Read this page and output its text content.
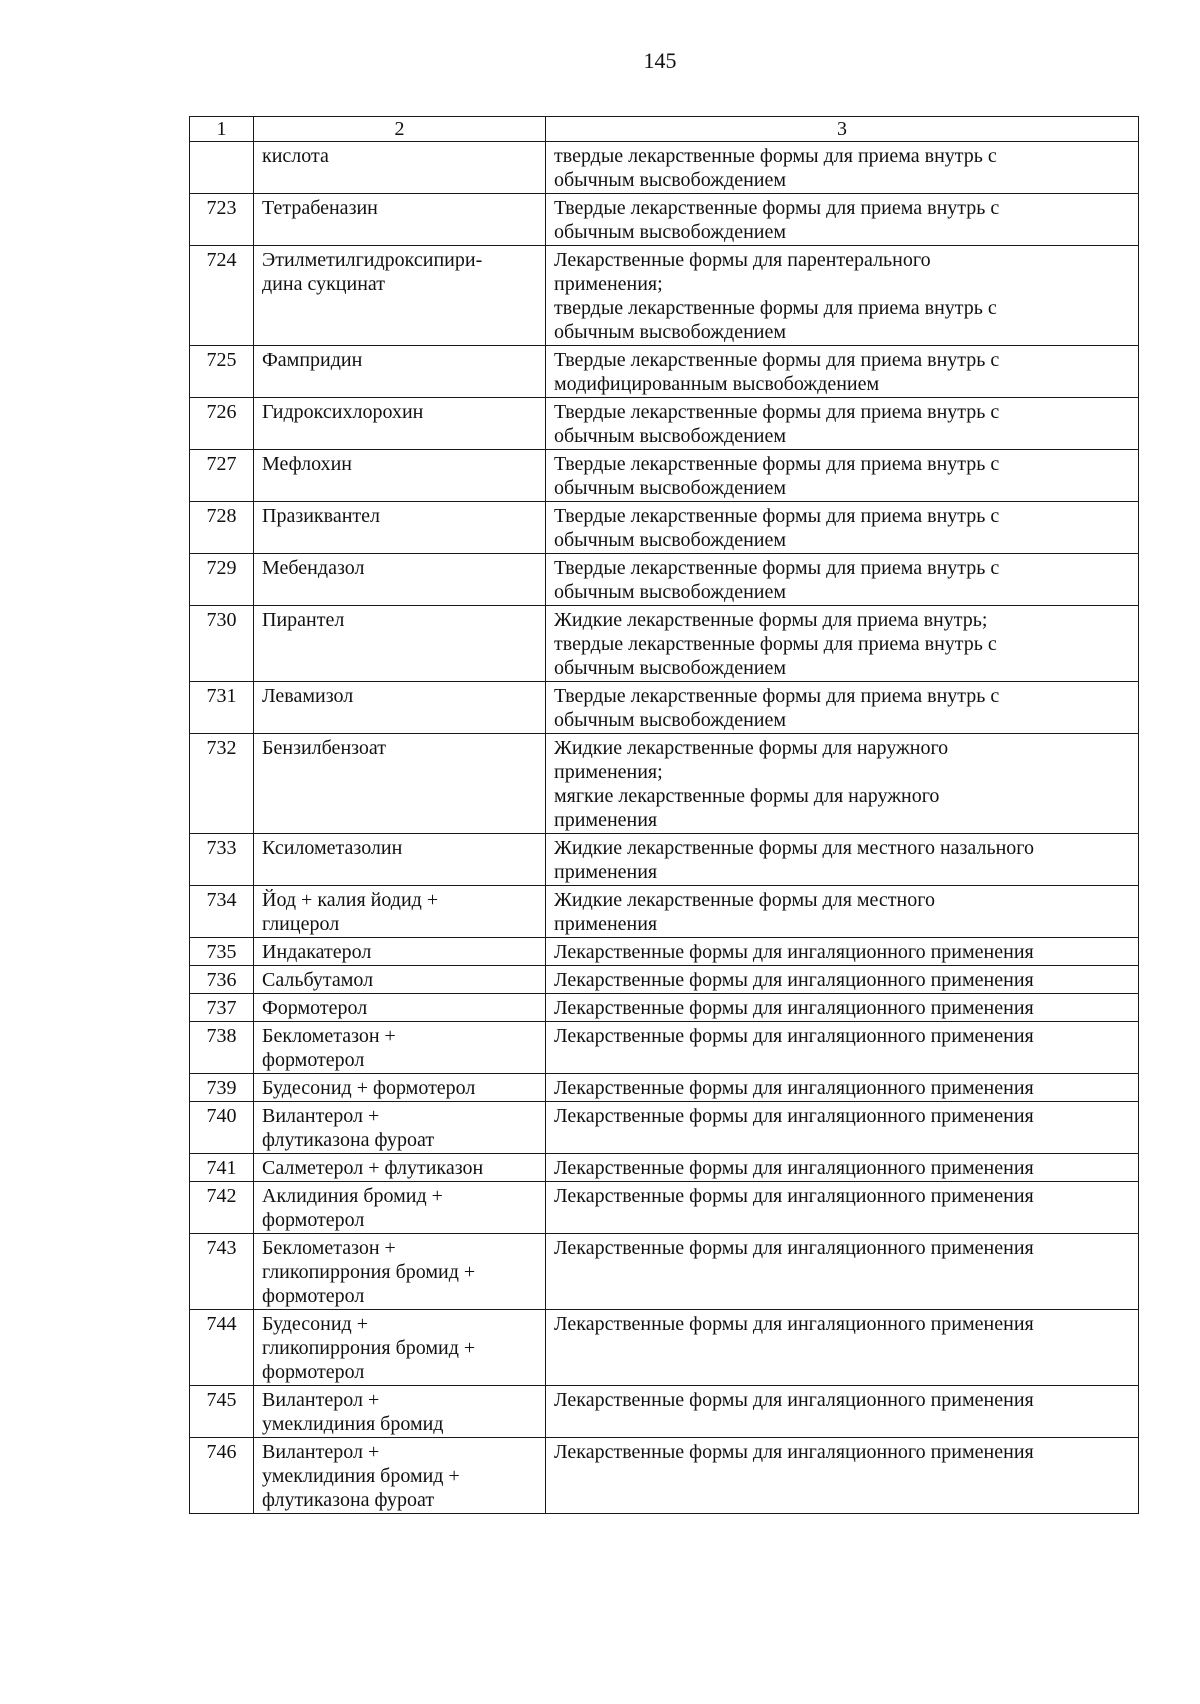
145
1	2	3

	кислота	твердые лекарственные формы для приема внутрь с
обычным высвобождением

723	Тетрабеназин	Твердые лекарственные формы для приема внутрь с
обычным высвобождением

724	Этилметилгидроксипири-
дина сукцинат	Лекарственные формы для парентерального
применения;
твердые лекарственные формы для приема внутрь с
обычным высвобождением

725	Фампридин	Твердые лекарственные формы для приема внутрь с
модифицированным высвобождением

726	Гидроксихлорохин	Твердые лекарственные формы для приема внутрь с
обычным высвобождением

727	Мефлохин	Твердые лекарственные формы для приема внутрь с
обычным высвобождением

728	Празиквантел	Твердые лекарственные формы для приема внутрь с
обычным высвобождением

729	Мебендазол	Твердые лекарственные формы для приема внутрь с
обычным высвобождением

730	Пирантел	Жидкие лекарственные формы для приема внутрь;
твердые лекарственные формы для приема внутрь с
обычным высвобождением

731	Левамизол	Твердые лекарственные формы для приема внутрь с
обычным высвобождением

732	Бензилбензоат	Жидкие лекарственные формы для наружного
применения;
мягкие лекарственные формы для наружного
применения

733	Ксилометазолин	Жидкие лекарственные формы для местного назального
применения

734	Йод + калия йодид +
глицерол	Жидкие лекарственные формы для местного
применения

735	Индакатерол	Лекарственные формы для ингаляционного применения

736	Сальбутамол	Лекарственные формы для ингаляционного применения

737	Формотерол	Лекарственные формы для ингаляционного применения

738	Беклометазон +
формотерол	Лекарственные формы для ингаляционного применения

739	Будесонид + формотерол	Лекарственные формы для ингаляционного применения

740	Вилантерол +
флутиказона фуроат	Лекарственные формы для ингаляционного применения

741	Салметерол + флутиказон	Лекарственные формы для ингаляционного применения

742	Аклидиния бромид +
формотерол	Лекарственные формы для ингаляционного применения

743	Беклометазон +
гликопиррония бромид +
формотерол	Лекарственные формы для ингаляционного применения

744	Будесонид +
гликопиррония бромид +
формотерол	Лекарственные формы для ингаляционного применения

745	Вилантерол +
умеклидиния бромид	Лекарственные формы для ингаляционного применения

746	Вилантерол +
умеклидиния бромид +
флутиказона фуроат	Лекарственные формы для ингаляционного применения
